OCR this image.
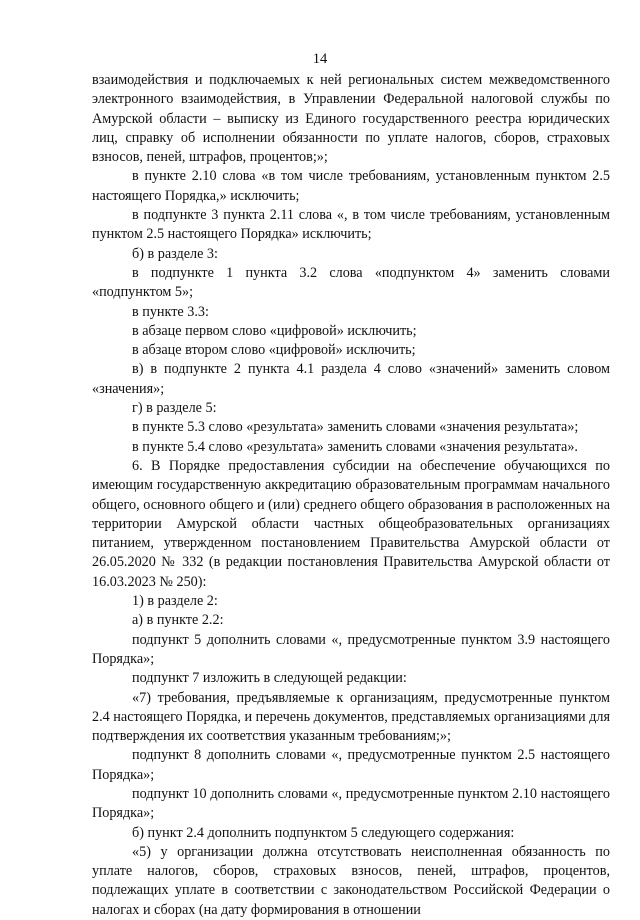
14

взаимодействия и подключаемых к ней региональных систем межведомственного электронного взаимодействия, в Управлении Федеральной налоговой службы по Амурской области – выписку из Единого государственного реестра юридических лиц, справку об исполнении обязанности по уплате налогов, сборов, страховых взносов, пеней, штрафов, процентов;»;

в пункте 2.10 слова «в том числе требованиям, установленным пунктом 2.5 настоящего Порядка,» исключить;

в подпункте 3 пункта 2.11 слова «, в том числе требованиям, установленным пунктом 2.5 настоящего Порядка» исключить;

б) в разделе 3:

в подпункте 1 пункта 3.2 слова «подпунктом 4» заменить словами «подпунктом 5»;

в пункте 3.3:

в абзаце первом слово «цифровой» исключить;

в абзаце втором слово «цифровой» исключить;

в) в подпункте 2 пункта 4.1 раздела 4 слово «значений» заменить словом «значения»;

г) в разделе 5:

в пункте 5.3 слово «результата» заменить словами «значения результата»;

в пункте 5.4 слово «результата» заменить словами «значения результата».

6. В Порядке предоставления субсидии на обеспечение обучающихся по имеющим государственную аккредитацию образовательным программам начального общего, основного общего и (или) среднего общего образования в расположенных на территории Амурской области частных общеобразовательных организациях питанием, утвержденном постановлением Правительства Амурской области от 26.05.2020 № 332 (в редакции постановления Правительства Амурской области от 16.03.2023 № 250):

1) в разделе 2:

а) в пункте 2.2:

подпункт 5 дополнить словами «, предусмотренные пунктом 3.9 настоящего Порядка»;

подпункт 7 изложить в следующей редакции:

«7) требования, предъявляемые к организациям, предусмотренные пунктом 2.4 настоящего Порядка, и перечень документов, представляемых организациями для подтверждения их соответствия указанным требованиям;»;

подпункт 8 дополнить словами «, предусмотренные пунктом 2.5 настоящего Порядка»;

подпункт 10 дополнить словами «, предусмотренные пунктом 2.10 настоящего Порядка»;

б) пункт 2.4 дополнить подпунктом 5 следующего содержания:

«5) у организации должна отсутствовать неисполненная обязанность по уплате налогов, сборов, страховых взносов, пеней, штрафов, процентов, подлежащих уплате в соответствии с законодательством Российской Федерации о налогах и сборах (на дату формирования в отношении
